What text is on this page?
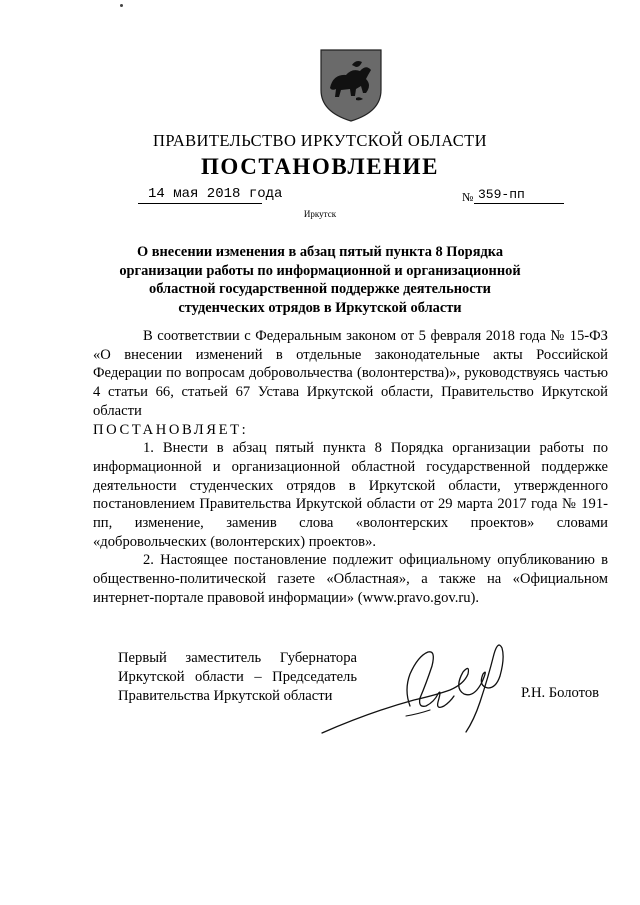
ПРАВИТЕЛЬСТВО ИРКУТСКОЙ ОБЛАСТИ
ПОСТАНОВЛЕНИЕ
14 мая 2018 года	№ 359-пп
Иркутск
О внесении изменения в абзац пятый пункта 8 Порядка организации работы по информационной и организационной областной государственной поддержке деятельности студенческих отрядов в Иркутской области

В соответствии с Федеральным законом от 5 февраля 2018 года № 15-ФЗ «О внесении изменений в отдельные законодательные акты Российской Федерации по вопросам добровольчества (волонтерства)», руководствуясь частью 4 статьи 66, статьей 67 Устава Иркутской области, Правительство Иркутской области

ПОСТАНОВЛЯЕТ:

1. Внести в абзац пятый пункта 8 Порядка организации работы по информационной и организационной областной государственной поддержке деятельности студенческих отрядов в Иркутской области, утвержденного постановлением Правительства Иркутской области от 29 марта 2017 года № 191-пп, изменение, заменив слова «волонтерских проектов» словами «добровольческих (волонтерских) проектов».

2. Настоящее постановление подлежит официальному опубликованию в общественно-политической газете «Областная», а также на «Официальном интернет-портале правовой информации» (www.pravo.gov.ru).

Первый заместитель Губернатора
Иркутской области – Председатель
Правительства Иркутской области	Р.Н. Болотов
